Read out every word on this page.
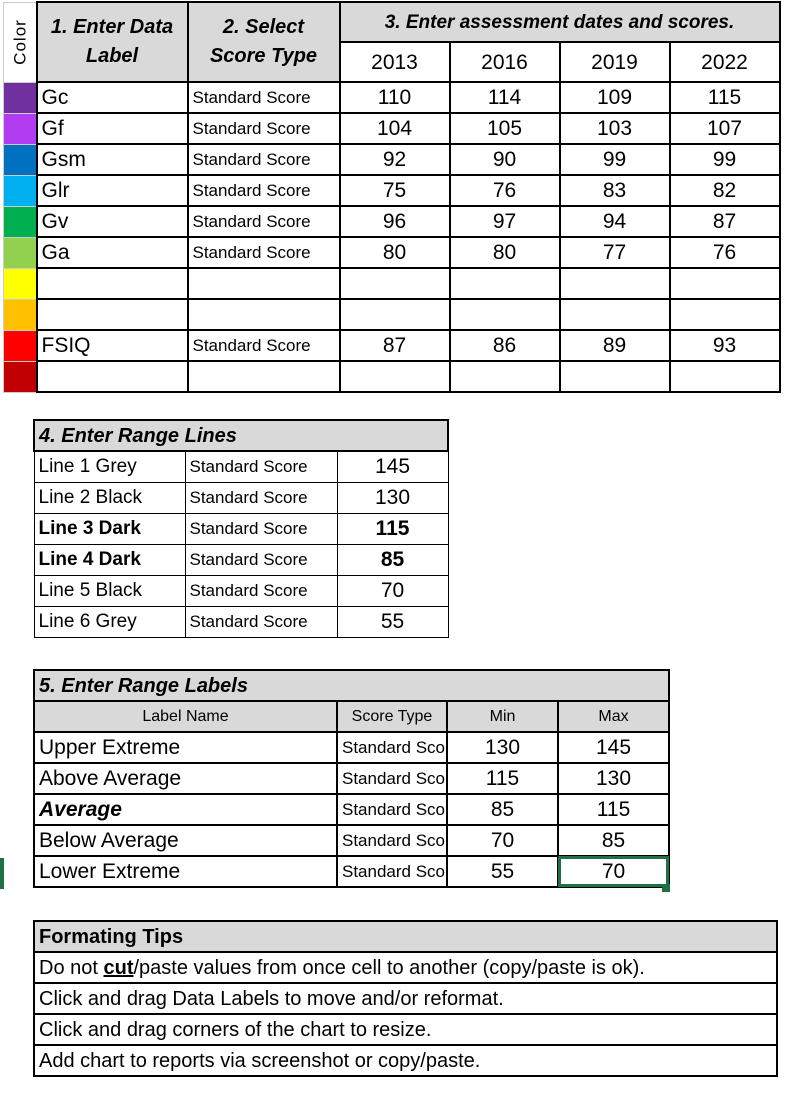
Color	1. Enter Data Label	2. Select Score Type	3. Enter assessment dates and scores.			
			2013	2016	2019	2022
	Gc	Standard Score	110	114	109	115
	Gf	Standard Score	104	105	103	107
	Gsm	Standard Score	92	90	99	99
	Glr	Standard Score	75	76	83	82
	Gv	Standard Score	96	97	94	87
	Ga	Standard Score	80	80	77	76

	FSIQ	Standard Score	87	86	89	93

4. Enter Range Lines		
Line 1 Grey	Standard Score	145
Line 2 Black	Standard Score	130
Line 3 Dark	Standard Score	115
Line 4 Dark	Standard Score	85
Line 5 Black	Standard Score	70
Line 6 Grey	Standard Score	55
5. Enter Range Labels			
Label Name	Score Type	Min	Max
Upper Extreme	Standard Sco	130	145
Above Average	Standard Sco	115	130
Average	Standard Sco	85	115
Below Average	Standard Sco	70	85
Lower Extreme	Standard Sco	55	70
Formating Tips
Do not cut/paste values from once cell to another (copy/paste is ok).
Click and drag Data Labels to move and/or reformat.
Click and drag corners of the chart to resize.
Add chart to reports via screenshot or copy/paste.
